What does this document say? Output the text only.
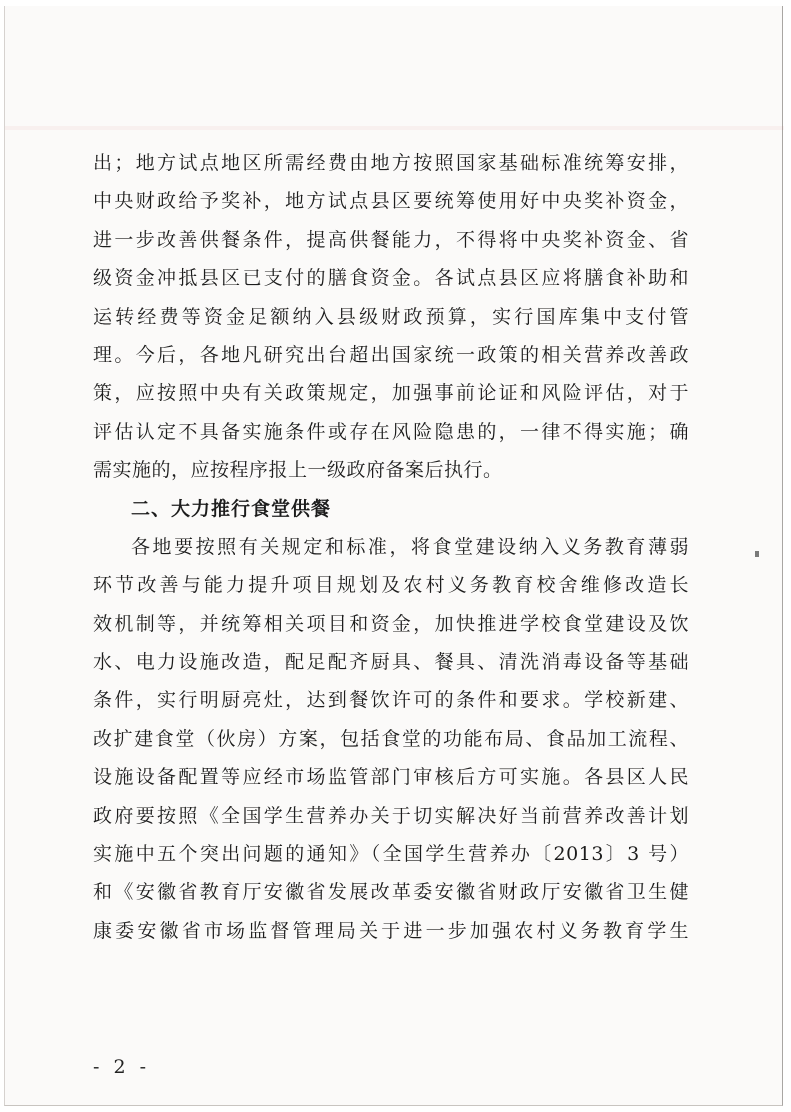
出；地方试点地区所需经费由地方按照国家基础标准统筹安排，
中央财政给予奖补，地方试点县区要统筹使用好中央奖补资金，
进一步改善供餐条件，提高供餐能力，不得将中央奖补资金、省
级资金冲抵县区已支付的膳食资金。各试点县区应将膳食补助和
运转经费等资金足额纳入县级财政预算，实行国库集中支付管
理。今后，各地凡研究出台超出国家统一政策的相关营养改善政
策，应按照中央有关政策规定，加强事前论证和风险评估，对于
评估认定不具备实施条件或存在风险隐患的，一律不得实施；确
需实施的，应按程序报上一级政府备案后执行。
二、大力推行食堂供餐
各地要按照有关规定和标准，将食堂建设纳入义务教育薄弱
环节改善与能力提升项目规划及农村义务教育校舍维修改造长
效机制等，并统筹相关项目和资金，加快推进学校食堂建设及饮
水、电力设施改造，配足配齐厨具、餐具、清洗消毒设备等基础
条件，实行明厨亮灶，达到餐饮许可的条件和要求。学校新建、
改扩建食堂（伙房）方案，包括食堂的功能布局、食品加工流程、
设施设备配置等应经市场监管部门审核后方可实施。各县区人民
政府要按照《全国学生营养办关于切实解决好当前营养改善计划
实施中五个突出问题的通知》（全国学生营养办〔2013〕3 号）
和《安徽省教育厅安徽省发展改革委安徽省财政厅安徽省卫生健
康委安徽省市场监督管理局关于进一步加强农村义务教育学生
- 2 -
